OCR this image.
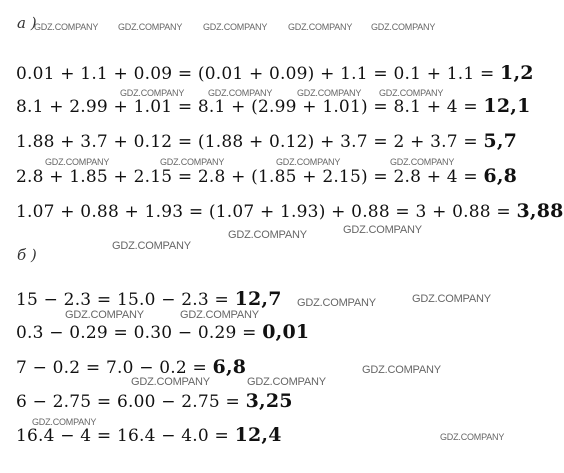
а )
0.01 + 1.1 + 0.09 = (0.01 + 0.09) + 1.1 = 0.1 + 1.1 = 1,2
8.1 + 2.99 + 1.01 = 8.1 + (2.99 + 1.01) = 8.1 + 4 = 12,1
1.88 + 3.7 + 0.12 = (1.88 + 0.12) + 3.7 = 2 + 3.7 = 5,7
2.8 + 1.85 + 2.15 = 2.8 + (1.85 + 2.15) = 2.8 + 4 = 6,8
1.07 + 0.88 + 1.93 = (1.07 + 1.93) + 0.88 = 3 + 0.88 = 3,88
б )
15 − 2.3 = 15.0 − 2.3 = 12,7
0.3 − 0.29 = 0.30 − 0.29 = 0,01
7 − 0.2 = 7.0 − 0.2 = 6,8
6 − 2.75 = 6.00 − 2.75 = 3,25
16.4 − 4 = 16.4 − 4.0 = 12,4
GDZ.COMPANY GDZ.COMPANY GDZ.COMPANY GDZ.COMPANY GDZ.COMPANY
GDZ.COMPANY	GDZ.COMPANY	GDZ.COMPANY GDZ.COMPANY
GDZ.COMPANY	GDZ.COMPANY	GDZ.COMPANY	GDZ.COMPANY
GDZ.COMPANY
GDZ.COMPANY	GDZ.COMPANY
GDZ.COMPANY	GDZ.COMPANY
GDZ.COMPANY	GDZ.COMPANY
GDZ.COMPANY
GDZ.COMPANY	GDZ.COMPANY
GDZ.COMPANY
GDZ.COMPANY
